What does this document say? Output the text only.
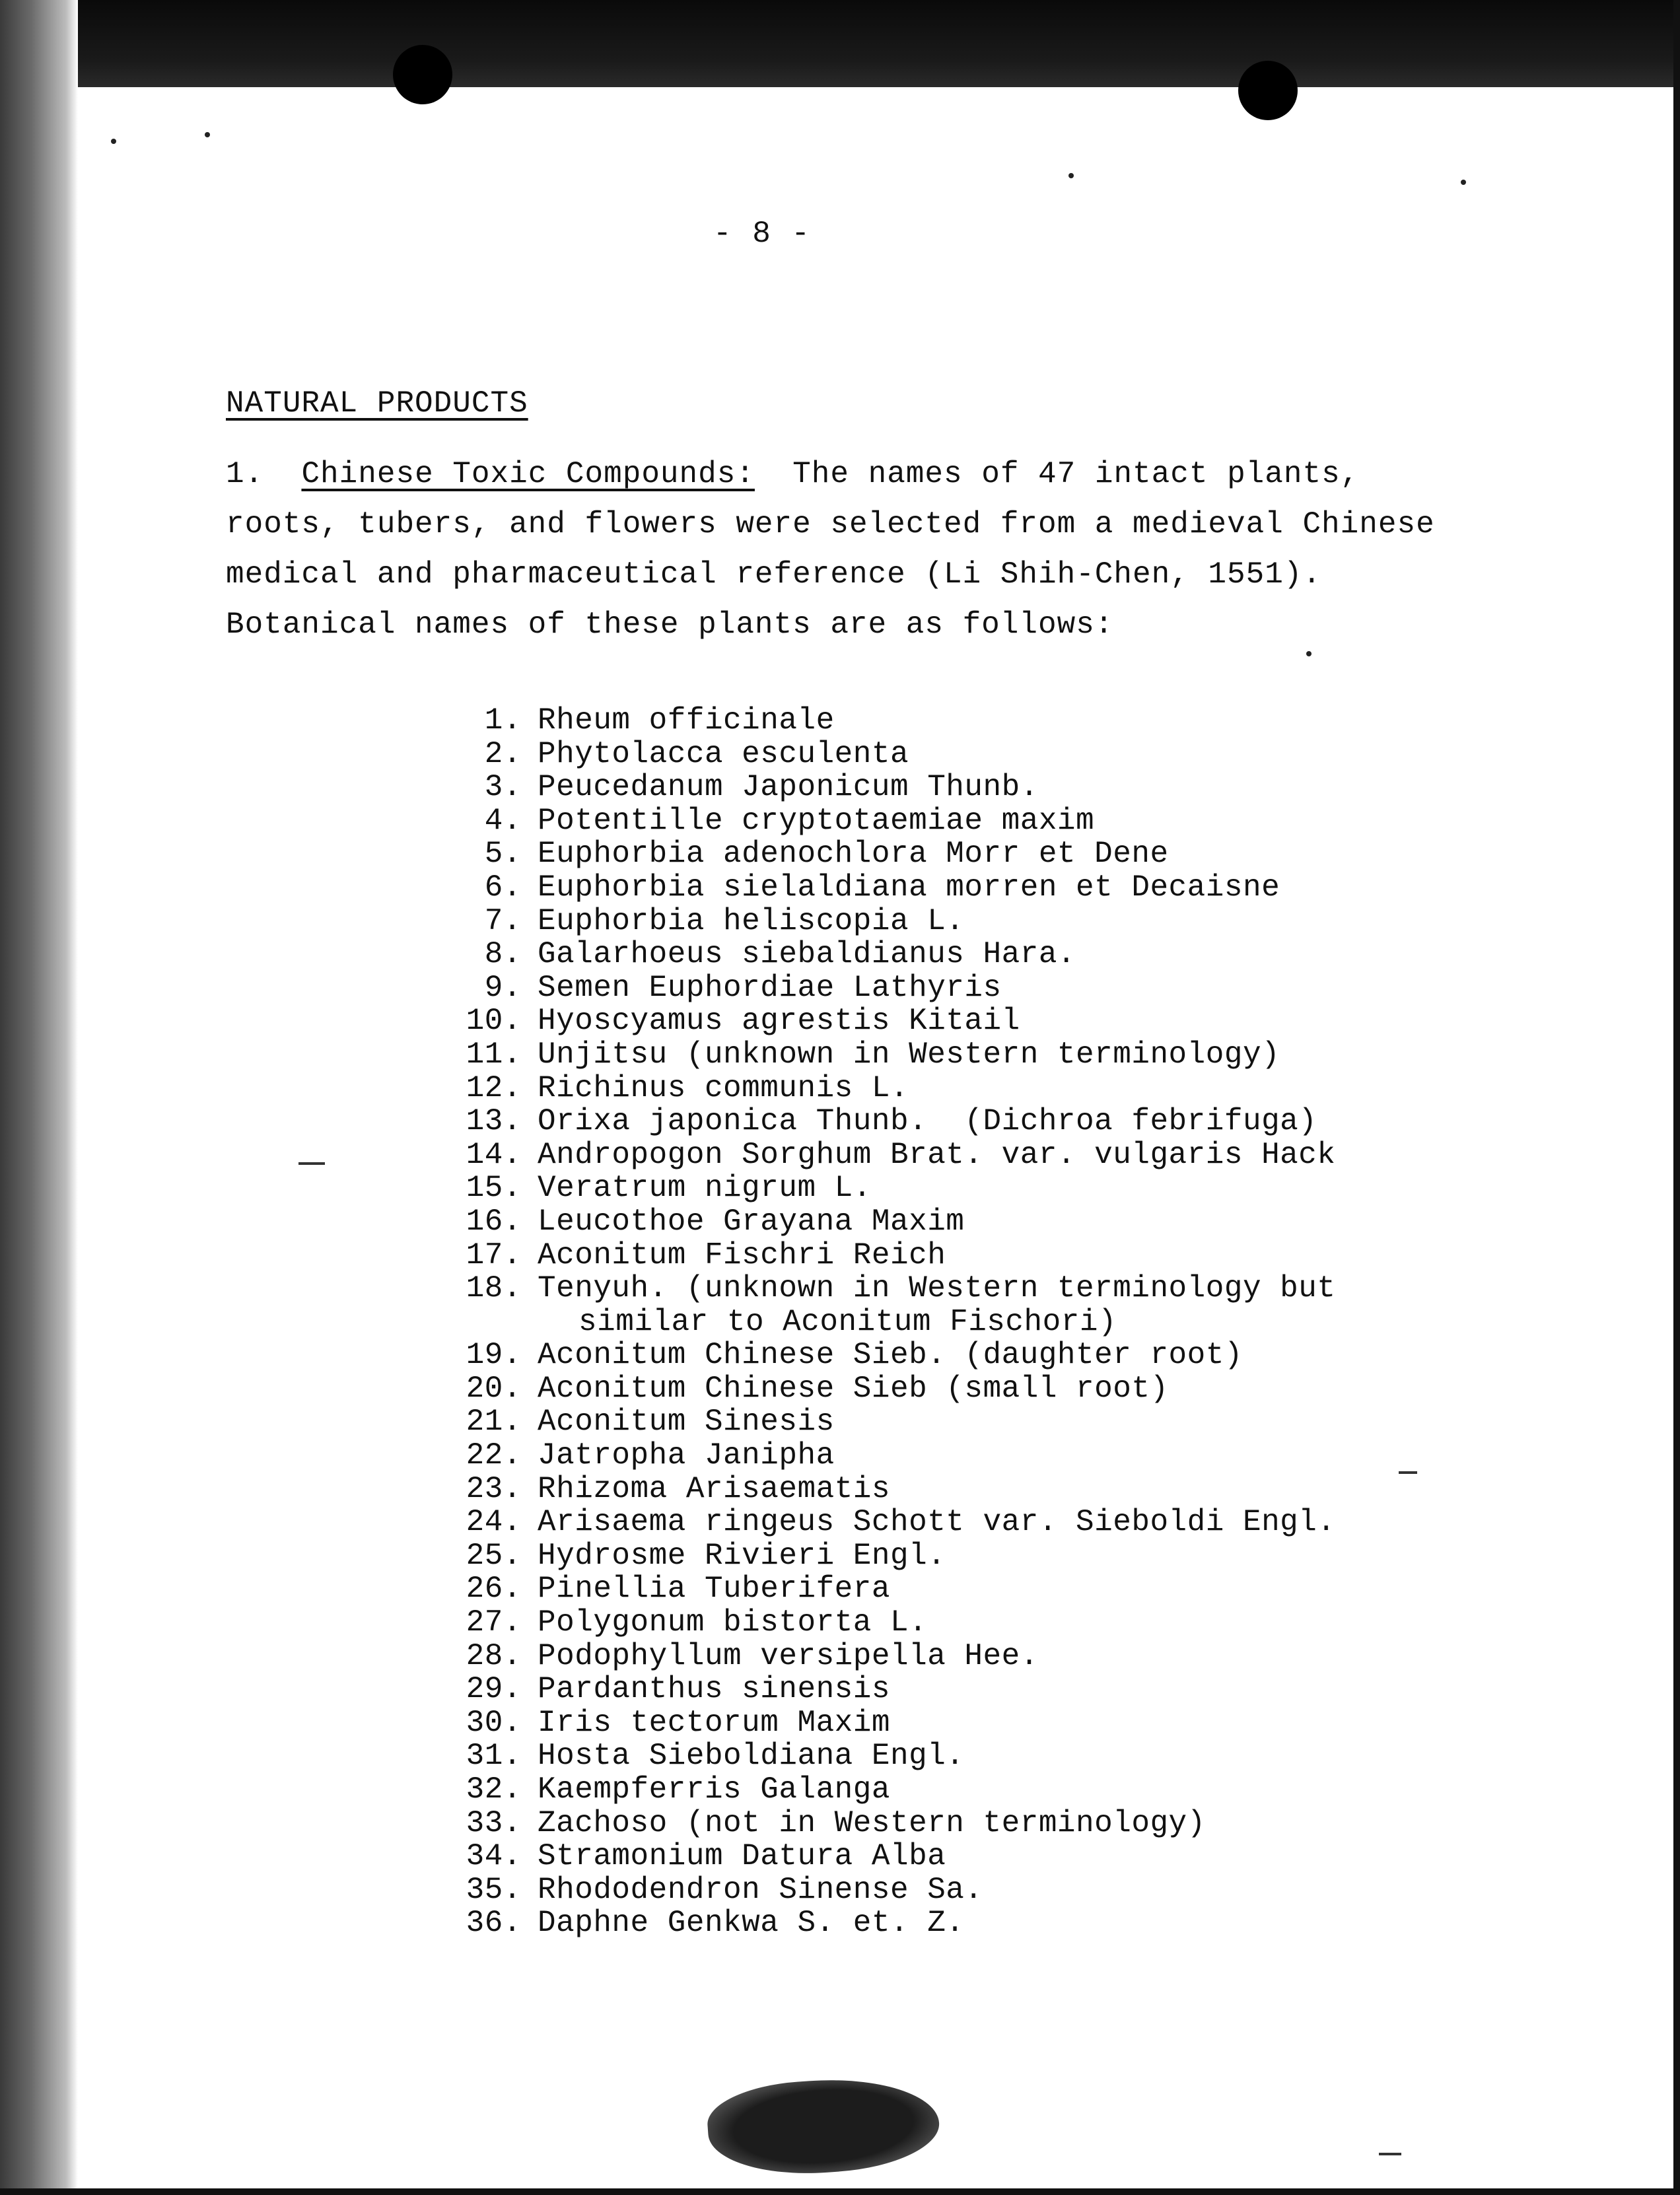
- 8 -
NATURAL PRODUCTS
1. Chinese Toxic Compounds: The names of 47 intact plants,
roots, tubers, and flowers were selected from a medieval Chinese
medical and pharmaceutical reference (Li Shih-Chen, 1551).
Botanical names of these plants are as follows:
1. Rheum officinale
2. Phytolacca esculenta
3. Peucedanum Japonicum Thunb.
4. Potentille cryptotaemiae maxim
5. Euphorbia adenochlora Morr et Dene
6. Euphorbia sielaldiana morren et Decaisne
7. Euphorbia heliscopia L.
8. Galarhoeus siebaldianus Hara.
9. Semen Euphordiae Lathyris
10. Hyoscyamus agrestis Kitail
11. Unjitsu (unknown in Western terminology)
12. Richinus communis L.
13. Orixa japonica Thunb.  (Dichroa febrifuga)
14. Andropogon Sorghum Brat. var. vulgaris Hack
15. Veratrum nigrum L.
16. Leucothoe Grayana Maxim
17. Aconitum Fischri Reich
18. Tenyuh. (unknown in Western terminology but
similar to Aconitum Fischori)
19. Aconitum Chinese Sieb. (daughter root)
20. Aconitum Chinese Sieb (small root)
21. Aconitum Sinesis
22. Jatropha Janipha
23. Rhizoma Arisaematis
24. Arisaema ringeus Schott var. Sieboldi Engl.
25. Hydrosme Rivieri Engl.
26. Pinellia Tuberifera
27. Polygonum bistorta L.
28. Podophyllum versipella Hee.
29. Pardanthus sinensis
30. Iris tectorum Maxim
31. Hosta Sieboldiana Engl.
32. Kaempferris Galanga
33. Zachoso (not in Western terminology)
34. Stramonium Datura Alba
35. Rhododendron Sinense Sa.
36. Daphne Genkwa S. et. Z.
